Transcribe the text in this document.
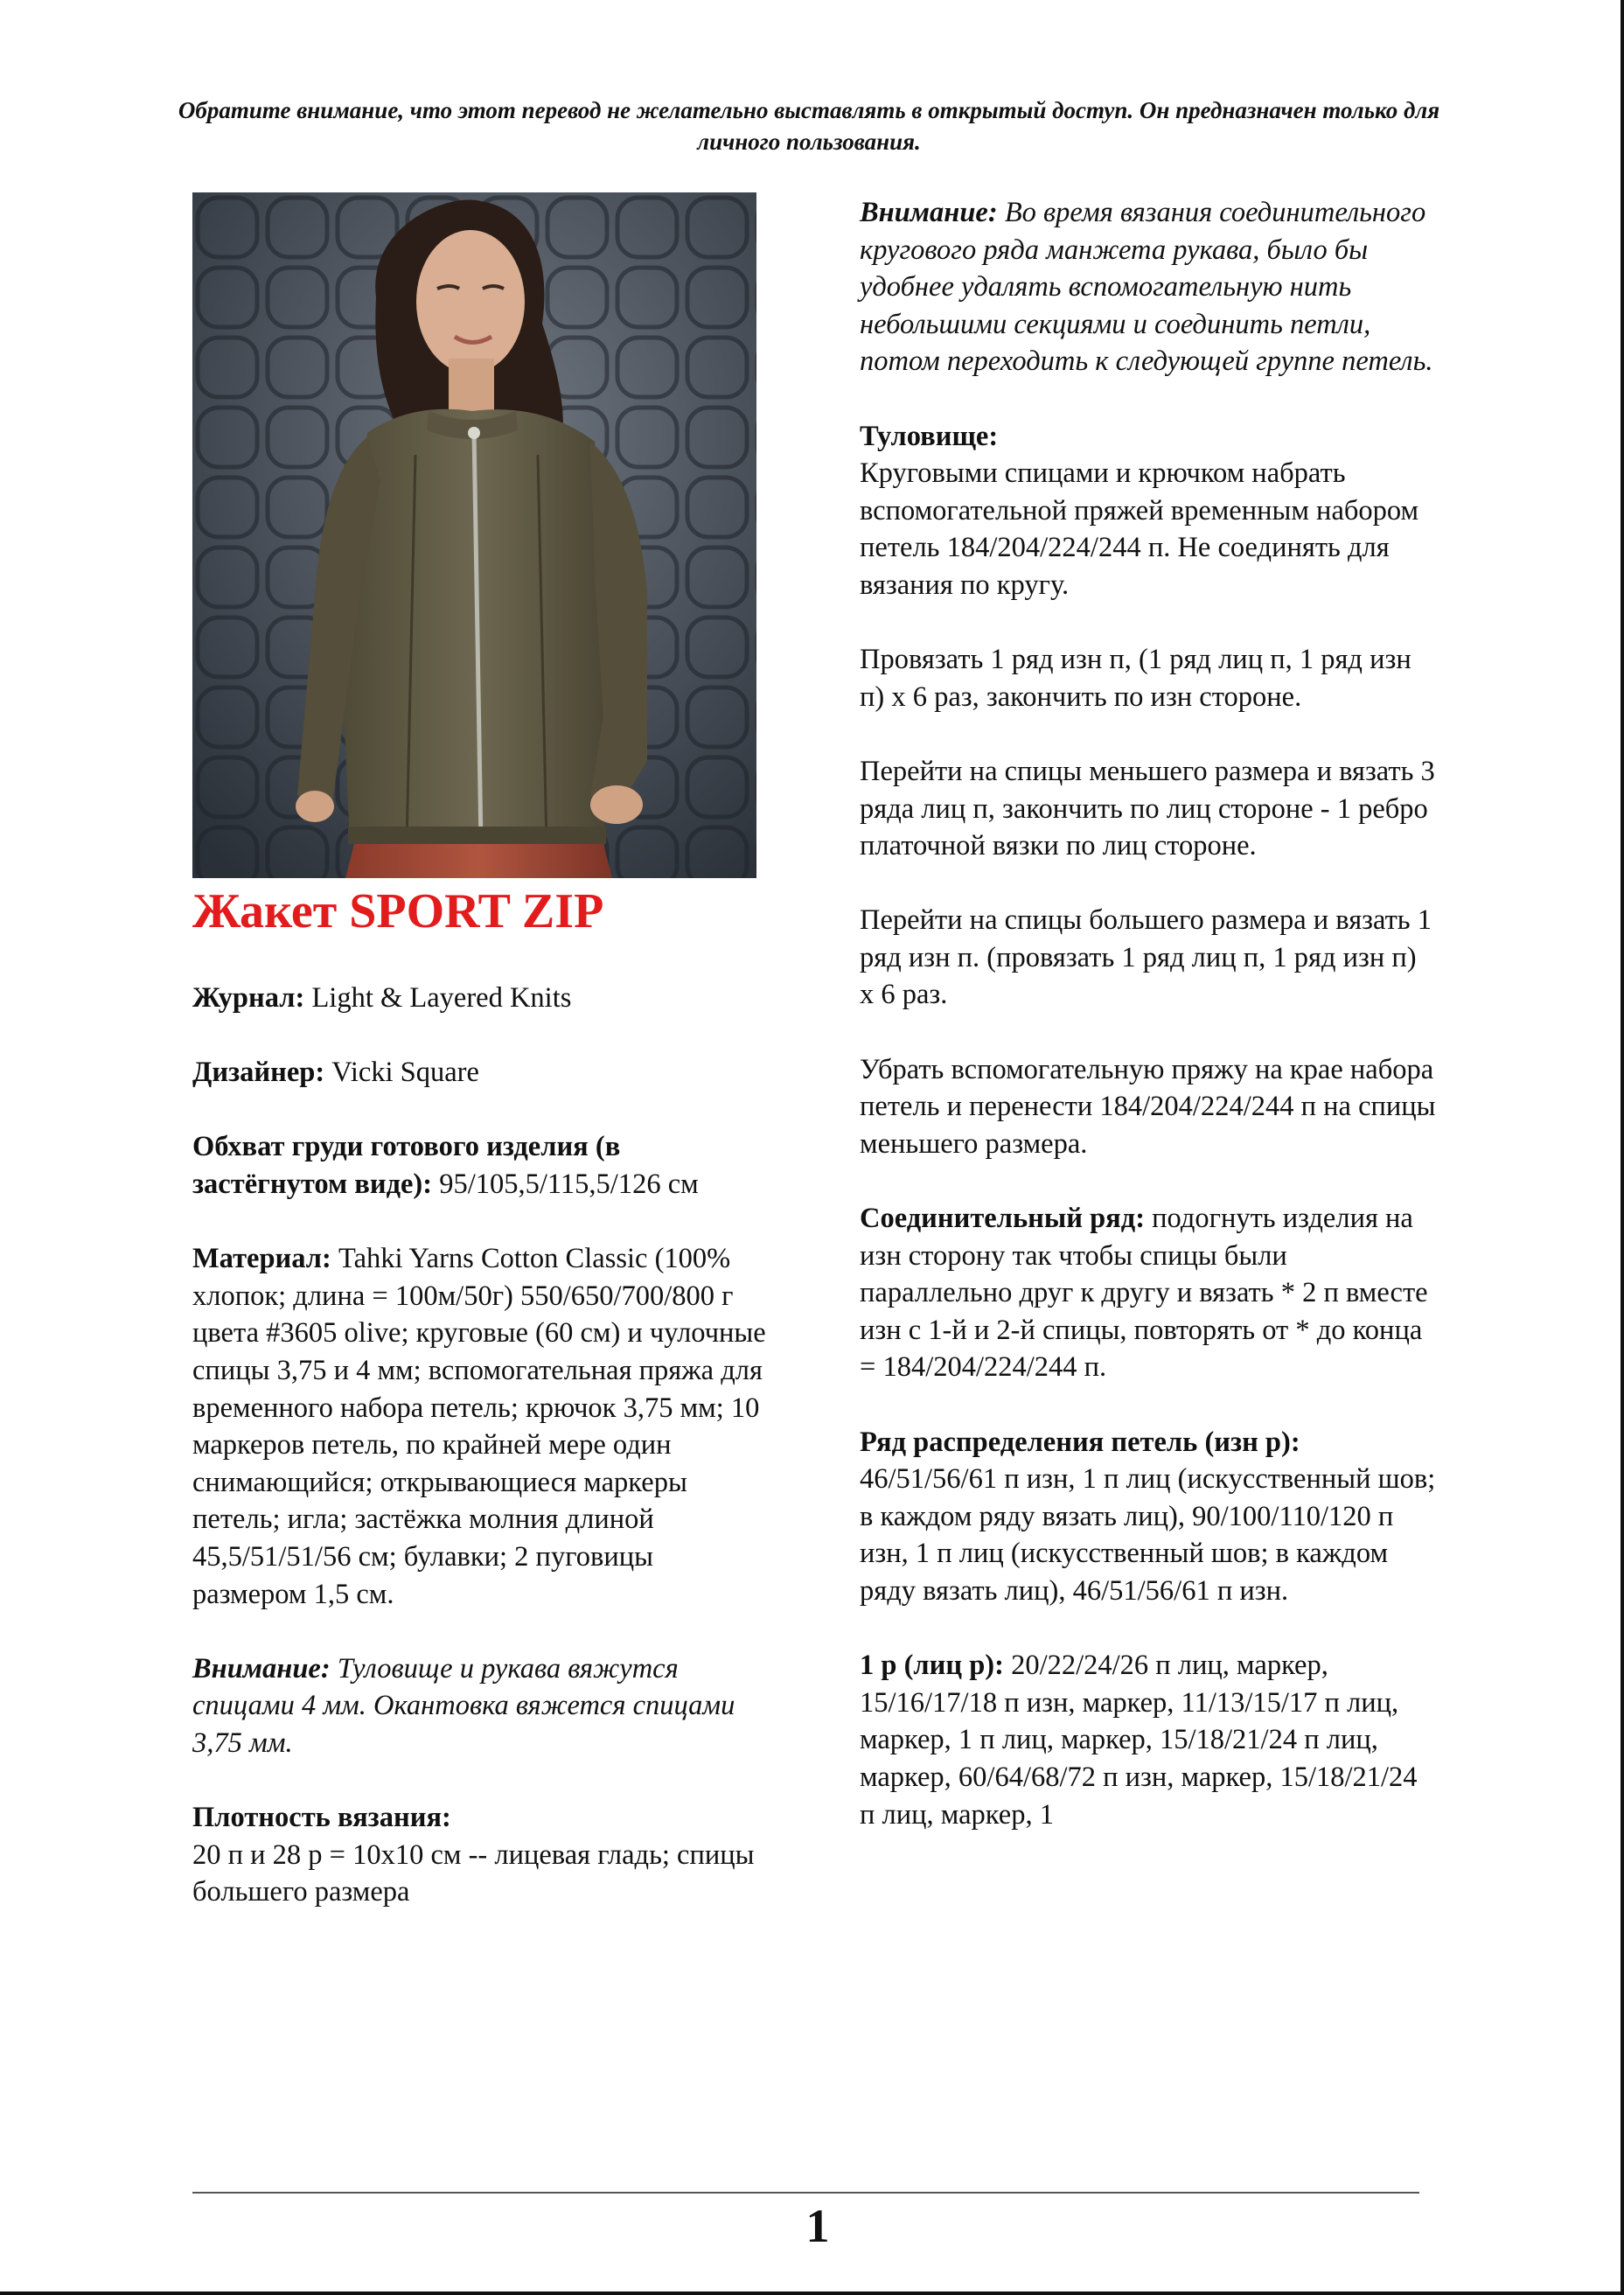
Обратите внимание, что этот перевод не желательно выставлять в открытый доступ. Он предназначен только для личного пользования.
Жакет SPORT ZIP

Журнал: Light & Layered Knits

Дизайнер: Vicki Square

Обхват груди готового изделия (в застёгнутом виде): 95/105,5/115,5/126 см

Материал: Tahki Yarns Cotton Classic (100% хлопок; длина = 100м/50г) 550/650/700/800 г цвета #3605 olive; круговые (60 см) и чулочные спицы 3,75 и 4 мм; вспомогательная пряжа для временного набора петель; крючок 3,75 мм; 10 маркеров петель, по крайней мере один снимающийся; открывающиеся маркеры петель; игла; застёжка молния длиной 45,5/51/51/56 см; булавки; 2 пуговицы размером 1,5 см.

Внимание: Туловище и рукава вяжутся спицами 4 мм. Окантовка вяжется спицами 3,75 мм.

Плотность вязания:
20 п и 28 р = 10x10 см -- лицевая гладь; спицы большего размера

Внимание: Во время вязания соединительного кругового ряда манжета рукава, было бы удобнее удалять вспомогательную нить небольшими секциями и соединить петли, потом переходить к следующей группе петель.

Туловище:
Круговыми спицами и крючком набрать вспомогательной пряжей временным набором петель 184/204/224/244 п. Не соединять для вязания по кругу.

Провязать 1 ряд изн п, (1 ряд лиц п, 1 ряд изн п) х 6 раз, закончить по изн стороне.

Перейти на спицы меньшего размера и вязать 3 ряда лиц п, закончить по лиц стороне - 1 ребро платочной вязки по лиц стороне.

Перейти на спицы большего размера и вязать 1 ряд изн п. (провязать 1 ряд лиц п, 1 ряд изн п) х 6 раз.

Убрать вспомогательную пряжу на крае набора петель и перенести 184/204/224/244 п на спицы меньшего размера.

Соединительный ряд: подогнуть изделия на изн сторону так чтобы спицы были параллельно друг к другу и вязать * 2 п вместе изн с 1-й и 2-й спицы, повторять от * до конца = 184/204/224/244 п.

Ряд распределения петель (изн р):
46/51/56/61 п изн, 1 п лиц (искусственный шов; в каждом ряду вязать лиц), 90/100/110/120 п изн, 1 п лиц (искусственный шов; в каждом ряду вязать лиц), 46/51/56/61 п изн.

1 р (лиц р): 20/22/24/26 п лиц, маркер, 15/16/17/18 п изн, маркер, 11/13/15/17 п лиц, маркер, 1 п лиц, маркер, 15/18/21/24 п лиц, маркер, 60/64/68/72 п изн, маркер, 15/18/21/24 п лиц, маркер, 1

1
